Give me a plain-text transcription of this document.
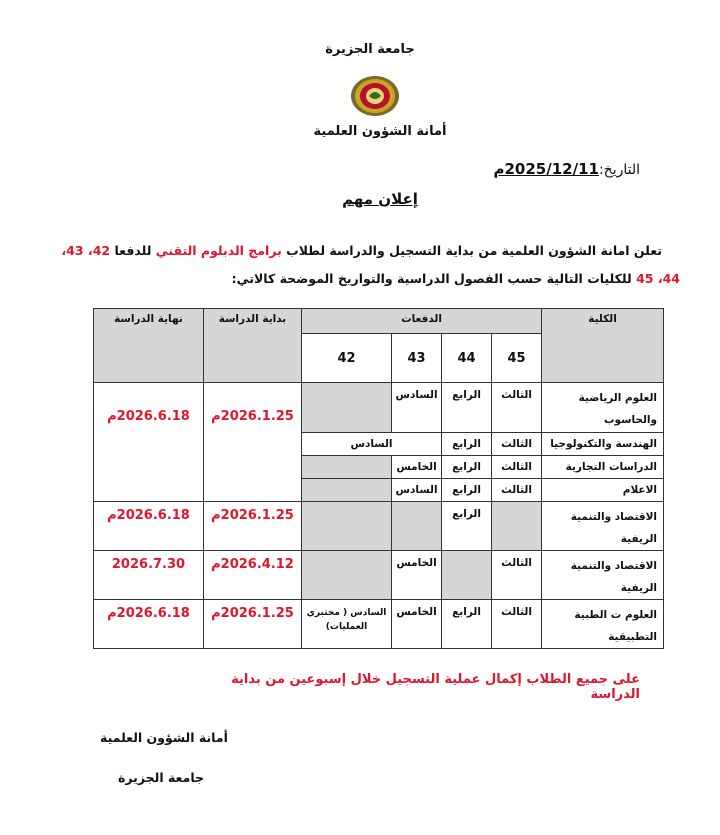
جامعة الجزيرة
أمانة الشؤون العلمية
التاريخ:2025/12/11م
إعلان مهم
تعلن امانة الشؤون العلمية من بداية التسجيل والدراسة لطلاب برامج الدبلوم التقني للدفعا 42، 43،
44، 45 للكليات التالية حسب الفصول الدراسية والتواريخ الموضحة كالاتي:
الكلية	الدفعات				بداية الدراسة	نهاية الدراسة
	45	44	43	42		
العلوم الرياضية والحاسوب	الثالث	الرابع	السادس		2026.1.25م	2026.6.18م
الهندسة والتكنولوجيا	الثالث	الرابع	السادس			
الدراسات التجارية	الثالث	الرابع	الخامس			
الاعلام	الثالث	الرابع	السادس			
الاقتصاد والتنمية الريفية		الرابع			2026.1.25م	2026.6.18م
الاقتصاد والتنمية الريفية	الثالث		الخامس		2026.4.12م	2026.7.30
العلوم ت الطبية التطبيقية	الثالث	الرابع	الخامس	السادس ( مختبري العمليات)	2026.1.25م	2026.6.18م
على جميع الطلاب إكمال عملية التسجيل خلال إسبوعين من بداية الدراسة
أمانة الشؤون العلمية
جامعة الجزيرة
